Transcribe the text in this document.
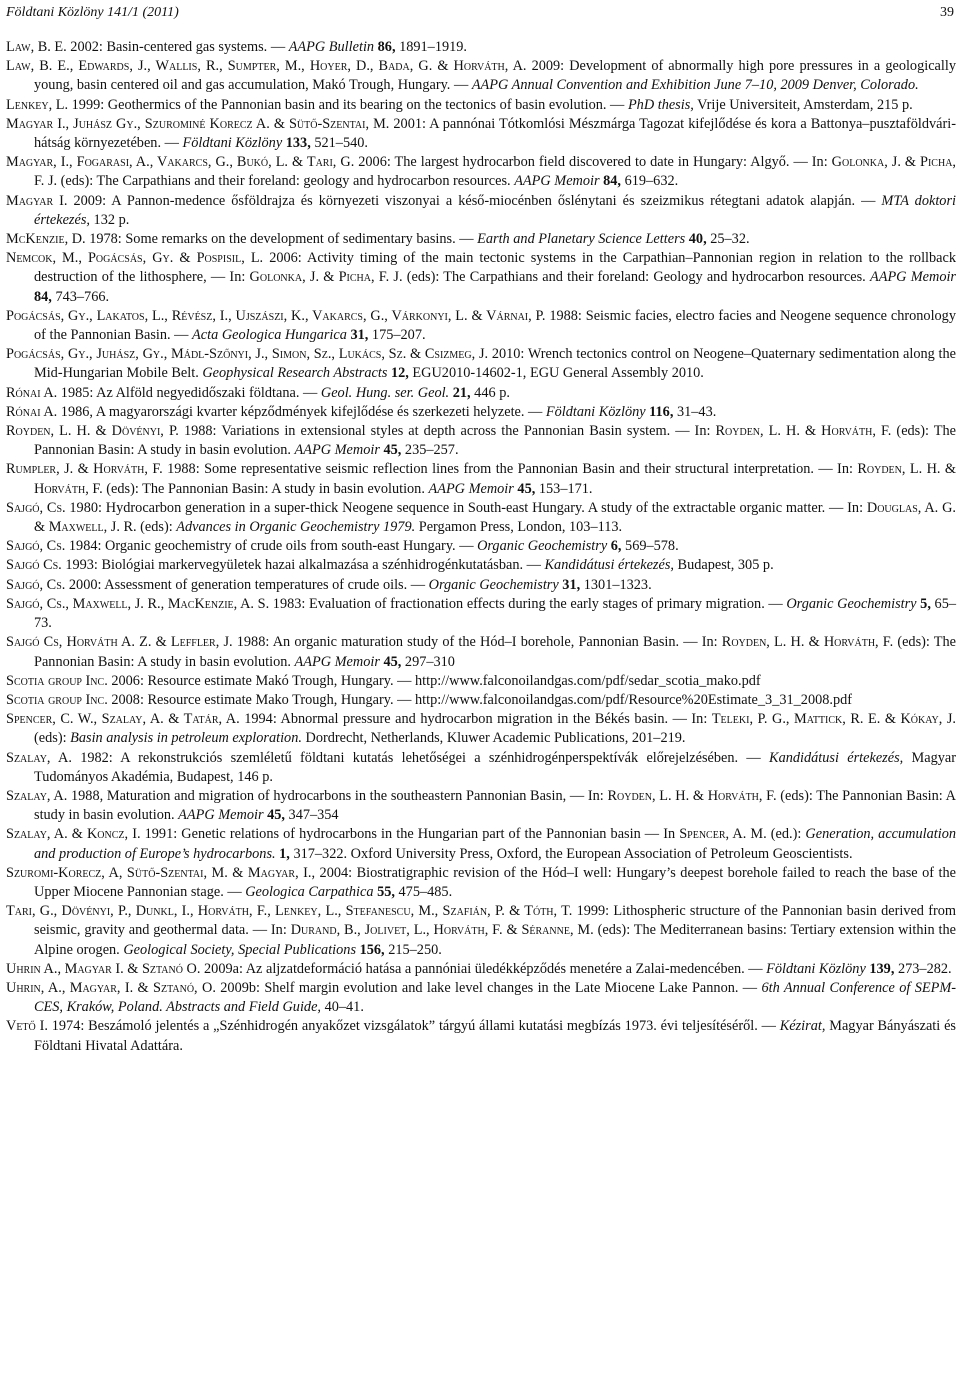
Földtani Közlöny 141/1 (2011)	39

Law, B. E. 2002: Basin-centered gas systems. — AAPG Bulletin 86, 1891–1919.

Law, B. E., Edwards, J., Wallis, R., Sumpter, M., Hoyer, D., Bada, G. & Horváth, A. 2009: Development of abnormally high pore pressures in a geologically young, basin centered oil and gas accumulation, Makó Trough, Hungary. — AAPG Annual Convention and Exhibition June 7–10, 2009 Denver, Colorado.

Lenkey, L. 1999: Geothermics of the Pannonian basin and its bearing on the tectonics of basin evolution. — PhD thesis, Vrije Universiteit, Amsterdam, 215 p.

Magyar I., Juhász Gy., Szurominé Korecz A. & Sütő-Szentai, M. 2001: A pannónai Tótkomlósi Mészmárga Tagozat kifejlődése és kora a Battonya–pusztaföldvári-hátság környezetében. — Földtani Közlöny 133, 521–540.

Magyar, I., Fogarasi, A., Vakarcs, G., Bukó, L. & Tari, G. 2006: The largest hydrocarbon field discovered to date in Hungary: Algyő. — In: Golonka, J. & Picha, F. J. (eds): The Carpathians and their foreland: geology and hydrocarbon resources. AAPG Memoir 84, 619–632.

Magyar I. 2009: A Pannon-medence ősföldrajza és környezeti viszonyai a késő-miocénben őslénytani és szeizmikus rétegtani adatok alapján. — MTA doktori értekezés, 132 p.

McKenzie, D. 1978: Some remarks on the development of sedimentary basins. — Earth and Planetary Science Letters 40, 25–32.

Nemcok, M., Pogácsás, Gy. & Pospisil, L. 2006: Activity timing of the main tectonic systems in the Carpathian–Pannonian region in relation to the rollback destruction of the lithosphere, — In: Golonka, J. & Picha, F. J. (eds): The Carpathians and their foreland: Geology and hydrocarbon resources. AAPG Memoir 84, 743–766.

Pogácsás, Gy., Lakatos, L., Révész, I., Ujszászi, K., Vakarcs, G., Várkonyi, L. & Várnai, P. 1988: Seismic facies, electro facies and Neogene sequence chronology of the Pannonian Basin. — Acta Geologica Hungarica 31, 175–207.

Pogácsás, Gy., Juhász, Gy., Mádl-Szőnyi, J., Simon, Sz., Lukács, Sz. & Csizmeg, J. 2010: Wrench tectonics control on Neogene–Quaternary sedimentation along the Mid-Hungarian Mobile Belt. Geophysical Research Abstracts 12, EGU2010-14602-1, EGU General Assembly 2010.

Rónai A. 1985: Az Alföld negyedidőszaki földtana. — Geol. Hung. ser. Geol. 21, 446 p.

Rónai A. 1986, A magyarországi kvarter képződmények kifejlődése és szerkezeti helyzete. — Földtani Közlöny 116, 31–43.

Royden, L. H. & Dövényi, P. 1988: Variations in extensional styles at depth across the Pannonian Basin system. — In: Royden, L. H. & Horváth, F. (eds): The Pannonian Basin: A study in basin evolution. AAPG Memoir 45, 235–257.

Rumpler, J. & Horváth, F. 1988: Some representative seismic reflection lines from the Pannonian Basin and their structural interpretation. — In: Royden, L. H. & Horváth, F. (eds): The Pannonian Basin: A study in basin evolution. AAPG Memoir 45, 153–171.

Sajgó, Cs. 1980: Hydrocarbon generation in a super-thick Neogene sequence in South-east Hungary. A study of the extractable organic matter. — In: Douglas, A. G. & Maxwell, J. R. (eds): Advances in Organic Geochemistry 1979. Pergamon Press, London, 103–113.

Sajgó, Cs. 1984: Organic geochemistry of crude oils from south-east Hungary. — Organic Geochemistry 6, 569–578.

Sajgó Cs. 1993: Biológiai markervegyületek hazai alkalmazása a szénhidrogénkutatásban. — Kandidátusi értekezés, Budapest, 305 p.

Sajgó, Cs. 2000: Assessment of generation temperatures of crude oils. — Organic Geochemistry 31, 1301–1323.

Sajgó, Cs., Maxwell, J. R., MacKenzie, A. S. 1983: Evaluation of fractionation effects during the early stages of primary migration. — Organic Geochemistry 5, 65–73.

Sajgó Cs, Horváth A. Z. & Leffler, J. 1988: An organic maturation study of the Hód–I borehole, Pannonian Basin. — In: Royden, L. H. & Horváth, F. (eds): The Pannonian Basin: A study in basin evolution. AAPG Memoir 45, 297–310

Scotia group Inc. 2006: Resource estimate Makó Trough, Hungary. — http://www.falconoilandgas.com/pdf/sedar_scotia_mako.pdf

Scotia group Inc. 2008: Resource estimate Mako Trough, Hungary. — http://www.falconoilandgas.com/pdf/Resource%20Estimate_3_31_2008.pdf

Spencer, C. W., Szalay, A. & Tatár, A. 1994: Abnormal pressure and hydrocarbon migration in the Békés basin. — In: Teleki, P. G., Mattick, R. E. & Kókay, J. (eds): Basin analysis in petroleum exploration. Dordrecht, Netherlands, Kluwer Academic Publications, 201–219.

Szalay, A. 1982: A rekonstrukciós szemléletű földtani kutatás lehetőségei a szénhidrogénperspektívák előrejelzésében. — Kandidátusi értekezés, Magyar Tudományos Akadémia, Budapest, 146 p.

Szalay, A. 1988, Maturation and migration of hydrocarbons in the southeastern Pannonian Basin, — In: Royden, L. H. & Horváth, F. (eds): The Pannonian Basin: A study in basin evolution. AAPG Memoir 45, 347–354

Szalay, A. & Koncz, I. 1991: Genetic relations of hydrocarbons in the Hungarian part of the Pannonian basin — In Spencer, A. M. (ed.): Generation, accumulation and production of Europe’s hydrocarbons. 1, 317–322. Oxford University Press, Oxford, the European Association of Petroleum Geoscientists.

Szuromi-Korecz, A, Sütő-Szentai, M. & Magyar, I., 2004: Biostratigraphic revision of the Hód–I well: Hungary’s deepest borehole failed to reach the base of the Upper Miocene Pannonian stage. — Geologica Carpathica 55, 475–485.

Tari, G., Dövényi, P., Dunkl, I., Horváth, F., Lenkey, L., Stefanescu, M., Szafián, P. & Tóth, T. 1999: Lithospheric structure of the Pannonian basin derived from seismic, gravity and geothermal data. — In: Durand, B., Jolivet, L., Horváth, F. & Séranne, M. (eds): The Mediterranean basins: Tertiary extension within the Alpine orogen. Geological Society, Special Publications 156, 215–250.

Uhrin A., Magyar I. & Sztanó O. 2009a: Az aljzatdeformáció hatása a pannóniai üledékképződés menetére a Zalai-medencében. — Földtani Közlöny 139, 273–282.

Uhrin, A., Magyar, I. & Sztanó, O. 2009b: Shelf margin evolution and lake level changes in the Late Miocene Lake Pannon. — 6th Annual Conference of SEPM-CES, Kraków, Poland. Abstracts and Field Guide, 40–41.

Vető I. 1974: Beszámoló jelentés a „Szénhidrogén anyakőzet vizsgálatok” tárgyú állami kutatási megbízás 1973. évi teljesítéséről. — Kézirat, Magyar Bányászati és Földtani Hivatal Adattára.
